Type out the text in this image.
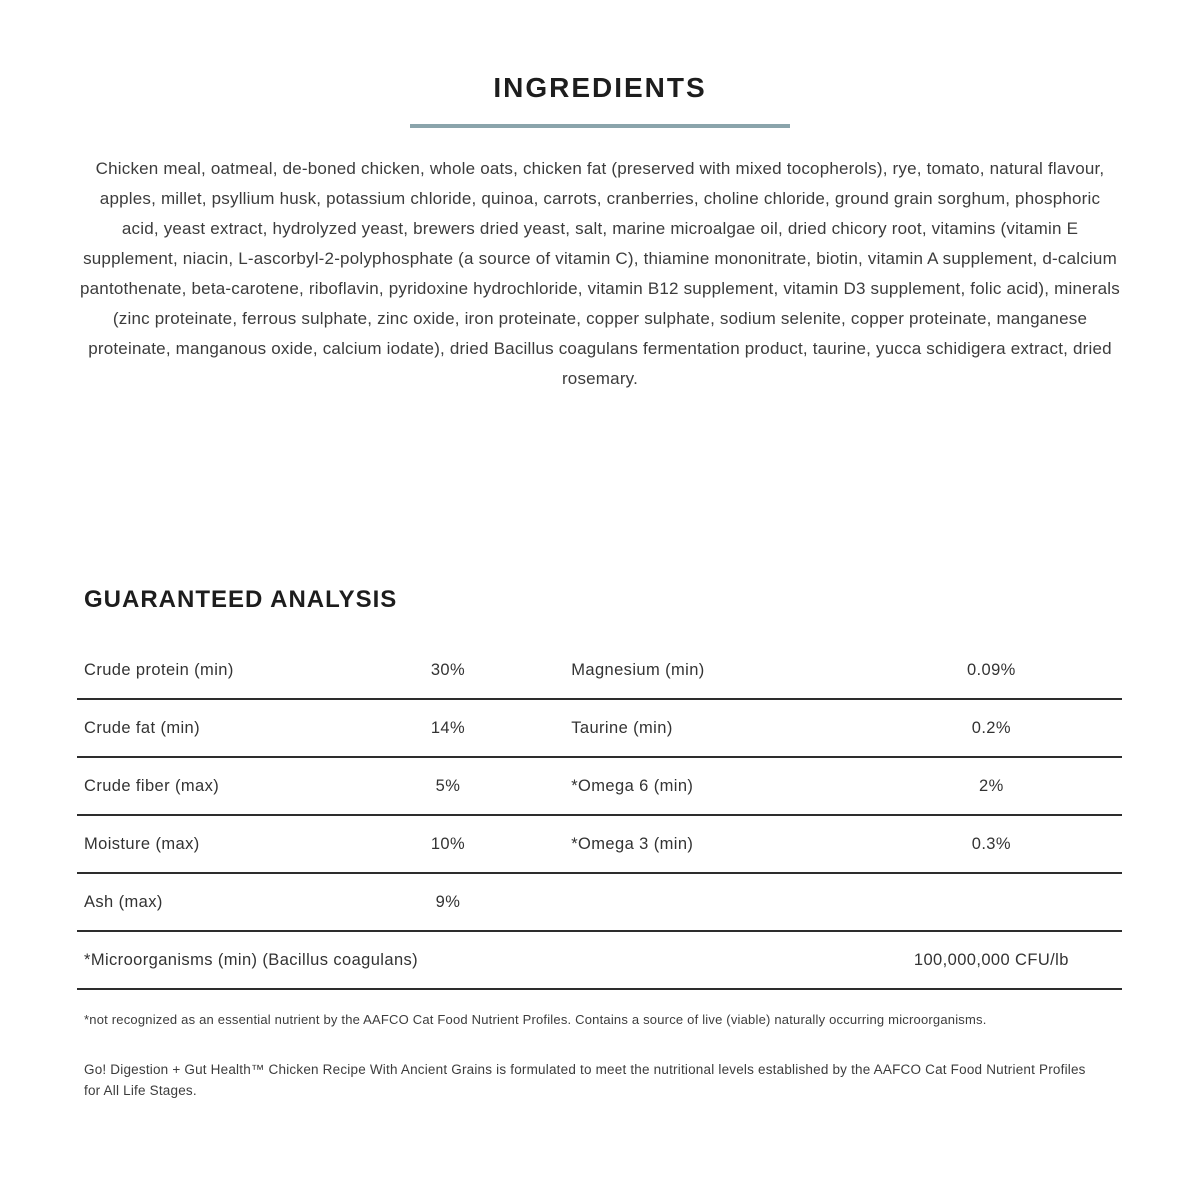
INGREDIENTS

Chicken meal, oatmeal, de-boned chicken, whole oats, chicken fat (preserved with mixed tocopherols), rye, tomato, natural flavour, apples, millet, psyllium husk, potassium chloride, quinoa, carrots, cranberries, choline chloride, ground grain sorghum, phosphoric acid, yeast extract, hydrolyzed yeast, brewers dried yeast, salt, marine microalgae oil, dried chicory root, vitamins (vitamin E supplement, niacin, L-ascorbyl-2-polyphosphate (a source of vitamin C), thiamine mononitrate, biotin, vitamin A supplement, d-calcium pantothenate, beta-carotene, riboflavin, pyridoxine hydrochloride, vitamin B12 supplement, vitamin D3 supplement, folic acid), minerals (zinc proteinate, ferrous sulphate, zinc oxide, iron proteinate, copper sulphate, sodium selenite, copper proteinate, manganese proteinate, manganous oxide, calcium iodate), dried Bacillus coagulans fermentation product, taurine, yucca schidigera extract, dried rosemary.

GUARANTEED ANALYSIS
Crude protein (min)	30%	Magnesium (min)	0.09%
Crude fat (min)	14%	Taurine (min)	0.2%
Crude fiber (max)	5%	*Omega 6 (min)	2%
Moisture (max)	10%	*Omega 3 (min)	0.3%
Ash (max)	9%
*Microorganisms (min) (Bacillus coagulans)	100,000,000 CFU/lb

*not recognized as an essential nutrient by the AAFCO Cat Food Nutrient Profiles. Contains a source of live (viable) naturally occurring microorganisms.

Go! Digestion + Gut Health™ Chicken Recipe With Ancient Grains is formulated to meet the nutritional levels established by the AAFCO Cat Food Nutrient Profiles for All Life Stages.
